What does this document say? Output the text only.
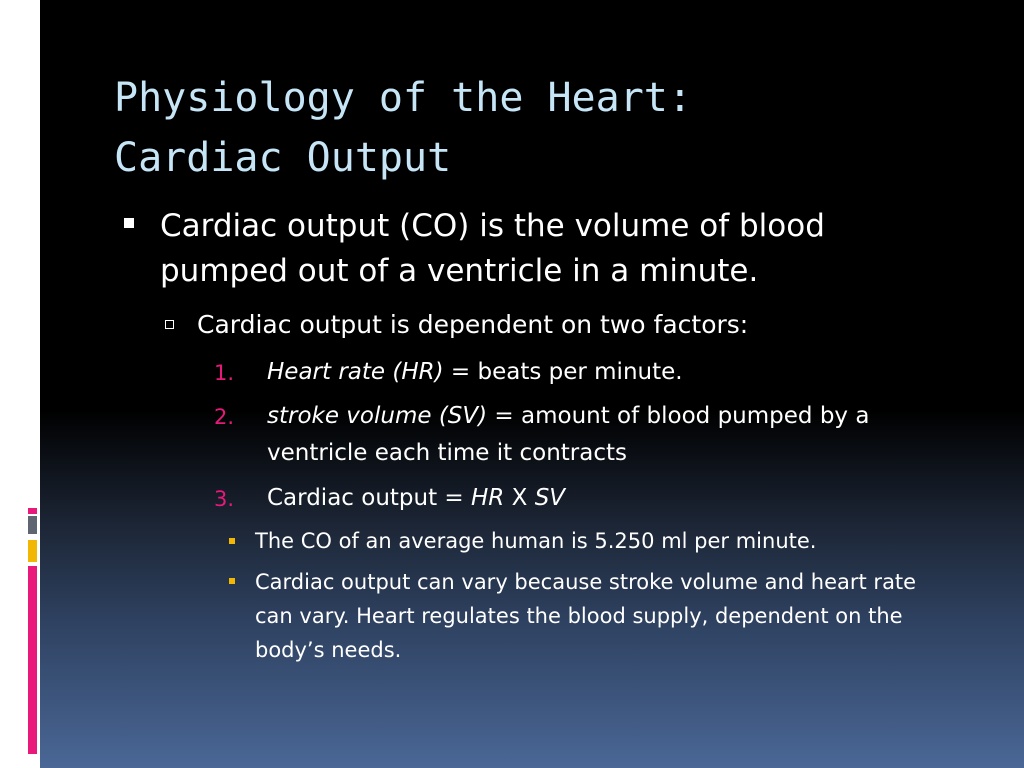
Physiology of the Heart:
Cardiac Output

Cardiac output (CO) is the volume of blood pumped out of a ventricle in a minute.

Cardiac output is dependent on two factors:

1. Heart rate (HR) = beats per minute.

2. stroke volume (SV) = amount of blood pumped by a ventricle each time it contracts

3. Cardiac output = HR X SV

The CO of an average human is 5.250 ml per minute.

Cardiac output can vary because stroke volume and heart rate can vary. Heart regulates the blood supply, dependent on the body’s needs.
